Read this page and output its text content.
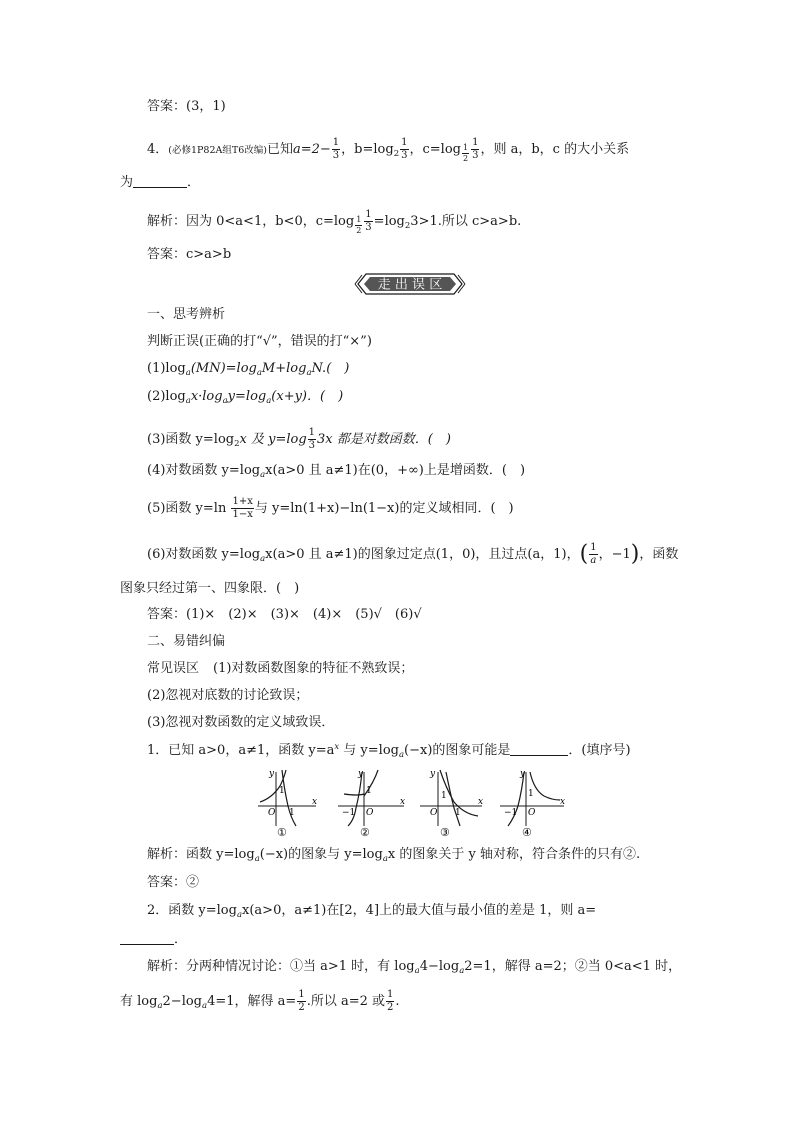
答案：(3，1)
4．(必修1P82A组T6改编)已知$a=2- \frac{1}{3}$ ，$b=\log_2 \frac{1}{3}$ ，$c=\log \frac{1}{2} \frac{1}{3}$ ，则 a，b，c 的大小关系
为	．
解析：因为 0<a<1，b<0，$c=\log \frac{1}{2} \frac{1}{3} =\log_23>1$.所以 c>a>b.
答案：c>a>b
走 出 误 区
一、思考辨析
判断正误(正确的打“√”，错误的打“×”)
$(1)\log_a(MN)=\log_aM+\log_aN$.(　)
$(2)\log_ax\cdot\log_ay=\log_a(x+y)$．(　)
(3)函数 $y=\log_2x$ 及 $y=\log \frac{1}{3} 3x$ 都是对数函数．(　)
(4)对数函数 $y=\log_ax(a>0$ 且 a≠1)在(0，+∞)上是增函数．(　)
(5)函数 $y=\ln \frac{1+x}{1-x}$ 与 y=ln(1+x)−ln(1−x)的定义域相同．(　)
(6)对数函数 $y=\log_ax(a>0$ 且 a≠1)的图象过定点(1，0)，且过点(a，1)，( $\frac{1}{a}$ ，−1)，函数
图象只经过第一、四象限．(　)
答案：(1)×　(2)×　(3)×　(4)×　(5)√　(6)√
二、易错纠偏
常见误区 (1)对数函数图象的特征不熟致误；
(2)忽视对底数的讨论致误；
(3)忽视对数函数的定义域致误．
1．已知 a>0，a≠1，函数 $y=a^x$ 与 $y=\log_a(-x)$的图象可能是	．(填序号)
y
x
O
1
1
①
y
x
O
−1
1
②
y
x
O
1
1
③
y
x
O
−1
1
④
解析：函数 $y=\log_a(-x)$的图象与 $y=\log_ax$ 的图象关于 y 轴对称，符合条件的只有②.
答案：②
2．函数 $y=\log_ax(a>0$，a≠1)在[2，4]上的最大值与最小值的差是 1，则 a=
．
解析：分两种情况讨论：①当 a>1 时，有 $\log_a4-\log_a2=1$，解得 a=2；②当 0<a<1 时，
有 $\log_a2-\log_a4=1$，解得 $a= \frac{1}{2}$ .所以 a=2 或 $\frac{1}{2}$ .
